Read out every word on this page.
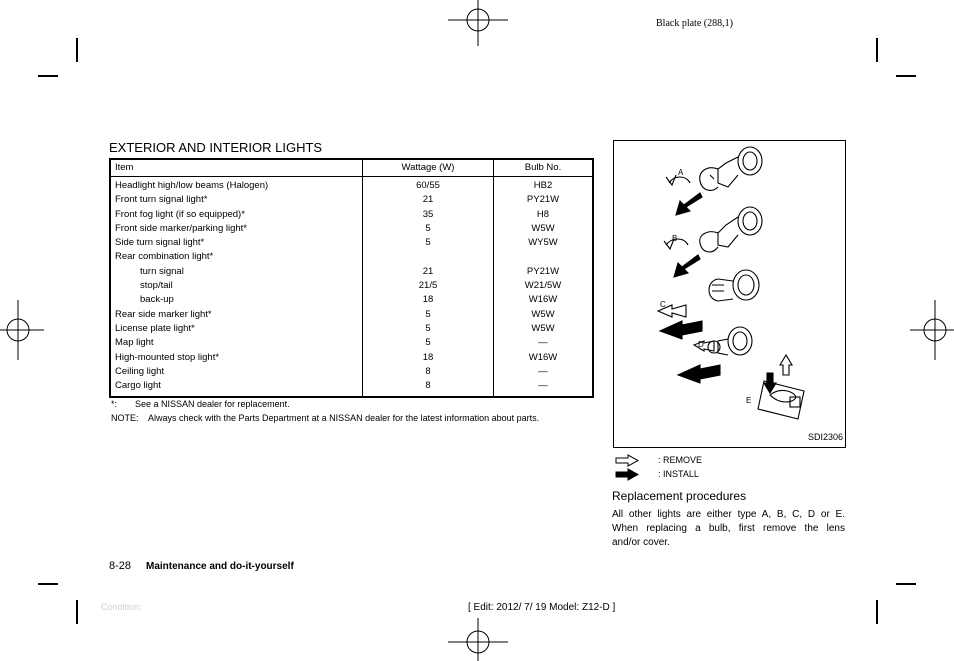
Black plate (288,1)
EXTERIOR AND INTERIOR LIGHTS
Item	Wattage (W)	Bulb No.
Headlight high/low beams (Halogen)	60/55	HB2
Front turn signal light*	21	PY21W
Front fog light (if so equipped)*	35	H8
Front side marker/parking light*	5	W5W
Side turn signal light*	5	WY5W
Rear combination light*		
turn signal	21	PY21W
stop/tail	21/5	W21/5W
back-up	18	W16W
Rear side marker light*	5	W5W
License plate light*	5	W5W
Map light	5	—
High-mounted stop light*	18	W16W
Ceiling light	8	—
Cargo light	8	—
*: See a NISSAN dealer for replacement.
NOTE: Always check with the Parts Department at a NISSAN dealer for the latest information about parts.
A
B
C
D
E
SDI2306
: REMOVE
: INSTALL
Replacement procedures
All other lights are either type A, B, C, D or E.
When replacing a bulb, first remove the lens
and/or cover.
8-28 Maintenance and do-it-yourself
Condition:	[ Edit: 2012/ 7/ 19 Model: Z12-D ]
